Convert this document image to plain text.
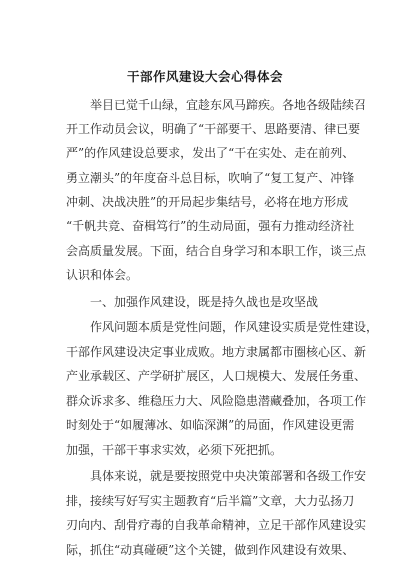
干部作风建设大会心得体会
举目已觉千山绿，宜趁东风马蹄疾。各地各级陆续召
开工作动员会议，明确了“干部要干、思路要清、律已要
严”的作风建设总要求，发出了“干在实处、走在前列、
勇立潮头”的年度奋斗总目标，吹响了“复工复产、冲锋
冲刺、决战决胜”的开局起步集结号，必将在地方形成
“千帆共竞、奋楫笃行”的生动局面，强有力推动经济社
会高质量发展。下面，结合自身学习和本职工作，谈三点
认识和体会。
一、加强作风建设，既是持久战也是攻坚战
作风问题本质是党性问题，作风建设实质是党性建设，
干部作风建设决定事业成败。地方隶属都市圈核心区、新
产业承载区、产学研扩展区，人口规模大、发展任务重、
群众诉求多、维稳压力大、风险隐患潜藏叠加，各项工作
时刻处于“如履薄冰、如临深渊”的局面，作风建设更需
加强，干部干事求实效，必须下死把抓。
具体来说，就是要按照党中央决策部署和各级工作安
排，接续写好写实主题教育“后半篇”文章，大力弘扬刀
刃向内、刮骨疗毒的自我革命精神，立足干部作风建设实
际，抓住“动真碰硬”这个关键，做到作风建设有效果、
